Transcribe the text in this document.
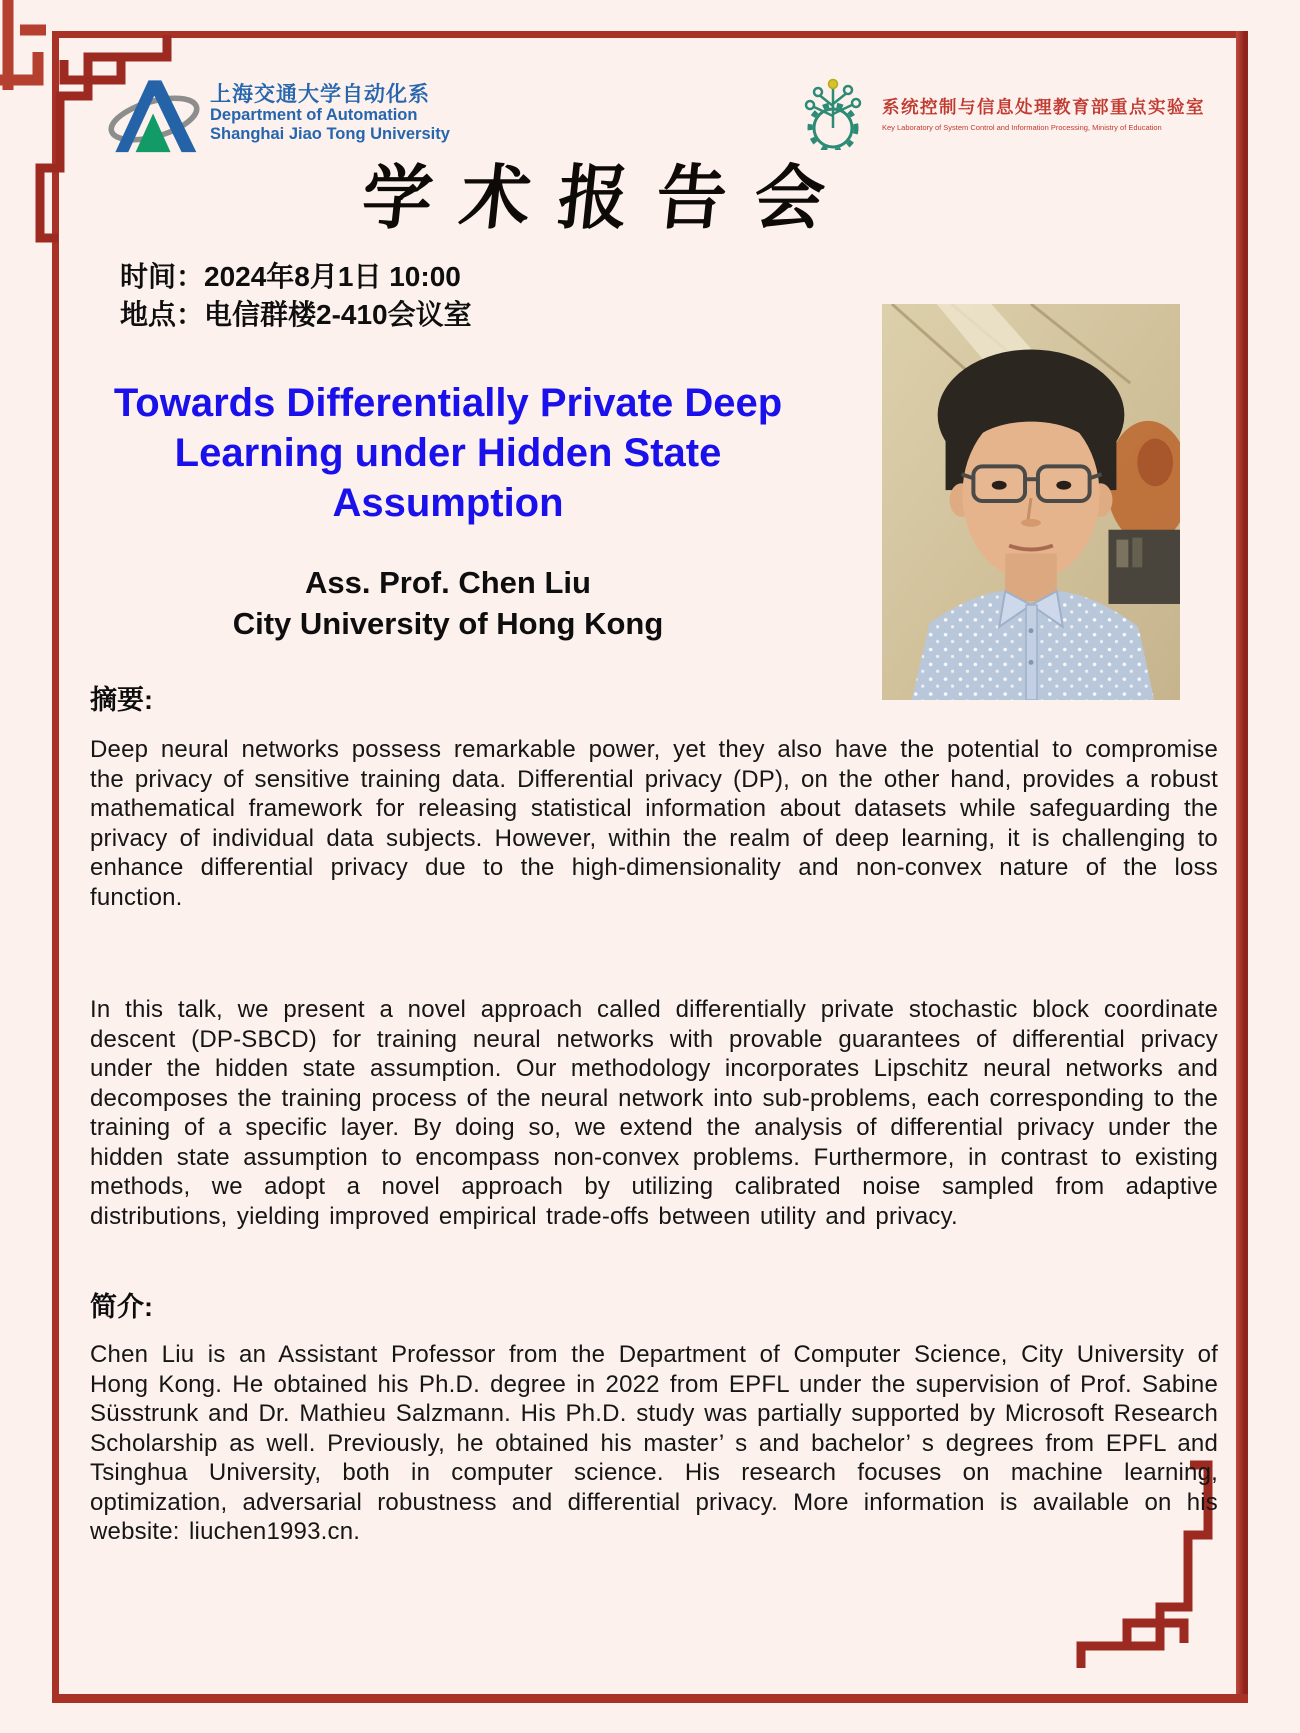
上海交通大学自动化系
Department of Automation
Shanghai Jiao Tong University
系统控制与信息处理教育部重点实验室
Key Laboratory of System Control and Information Processing, Ministry of Education
学术报告会
时间：2024年8月1日 10:00
地点：电信群楼2-410会议室
Towards Differentially Private Deep
Learning under Hidden State
Assumption
Ass. Prof. Chen Liu
City University of Hong Kong
摘要:
Deep neural networks possess remarkable power, yet they also have the potential to compromise the privacy of sensitive training data. Differential privacy (DP), on the other hand, provides a robust mathematical framework for releasing statistical information about datasets while safeguarding the privacy of individual data subjects. However, within the realm of deep learning, it is challenging to enhance differential privacy due to the high-dimensionality and non-convex nature of the loss function.
In this talk, we present a novel approach called differentially private stochastic block coordinate descent (DP-SBCD) for training neural networks with provable guarantees of differential privacy under the hidden state assumption. Our methodology incorporates Lipschitz neural networks and decomposes the training process of the neural network into sub-problems, each corresponding to the training of a specific layer. By doing so, we extend the analysis of differential privacy under the hidden state assumption to encompass non-convex problems. Furthermore, in contrast to existing methods, we adopt a novel approach by utilizing calibrated noise sampled from adaptive distributions, yielding improved empirical trade-offs between utility and privacy.
简介:
Chen Liu is an Assistant Professor from the Department of Computer Science, City University of Hong Kong. He obtained his Ph.D. degree in 2022 from EPFL under the supervision of Prof. Sabine Süsstrunk and Dr. Mathieu Salzmann. His Ph.D. study was partially supported by Microsoft Research Scholarship as well. Previously, he obtained his master’ s and bachelor’ s degrees from EPFL and Tsinghua University, both in computer science. His research focuses on machine learning, optimization, adversarial robustness and differential privacy. More information is available on his website: liuchen1993.cn.
